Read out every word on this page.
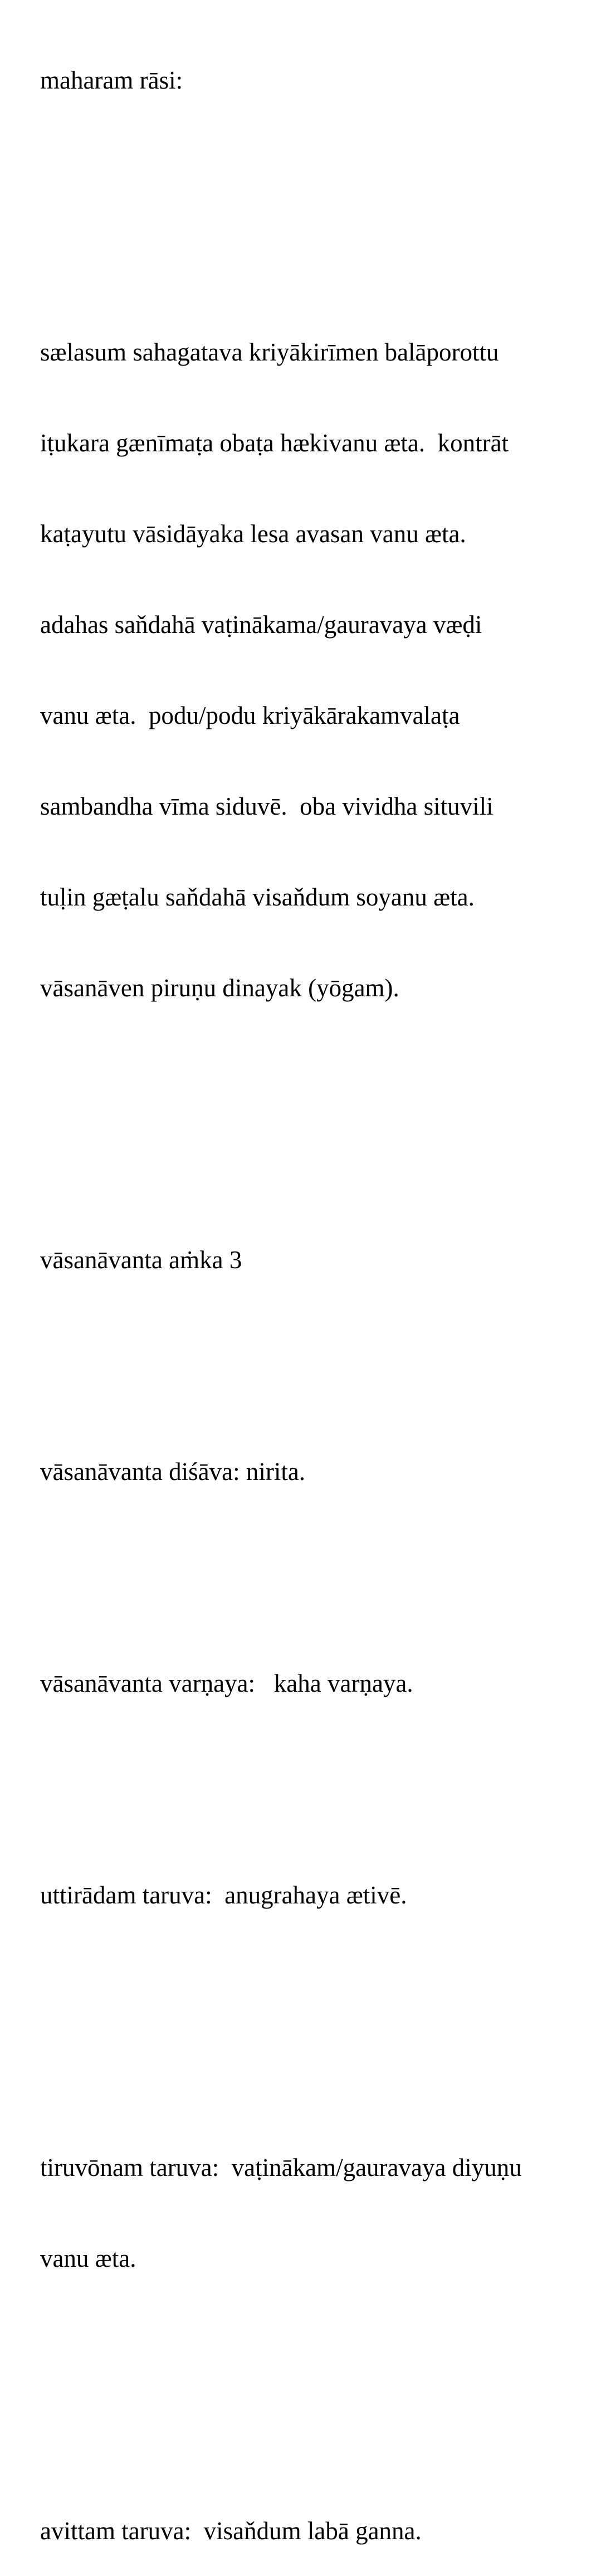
maharam rāsi:

sælasum sahagatava kriyākirīmen balāporottu

iṭukara gænīmaṭa obaṭa hækivanu æta.  kontrāt

kaṭayutu vāsidāyaka lesa avasan vanu æta.

adahas saňdahā vaṭinākama/gauravaya væḍi

vanu æta.  podu/podu kriyākārakamvalaṭa

sambandha vīma siduvē.  oba vividha situvili

tuḷin gæṭalu saňdahā visaňdum soyanu æta.

vāsanāven piruṇu dinayak (yōgam).

vāsanāvanta aṁka 3

vāsanāvanta diśāva: nirita.

vāsanāvanta varṇaya:   kaha varṇaya.

uttirādam taruva:  anugrahaya ætivē.

tiruvōnam taruva:  vaṭinākam/gauravaya diyuṇu

vanu æta.

avittam taruva:  visaňdum labā ganna.
